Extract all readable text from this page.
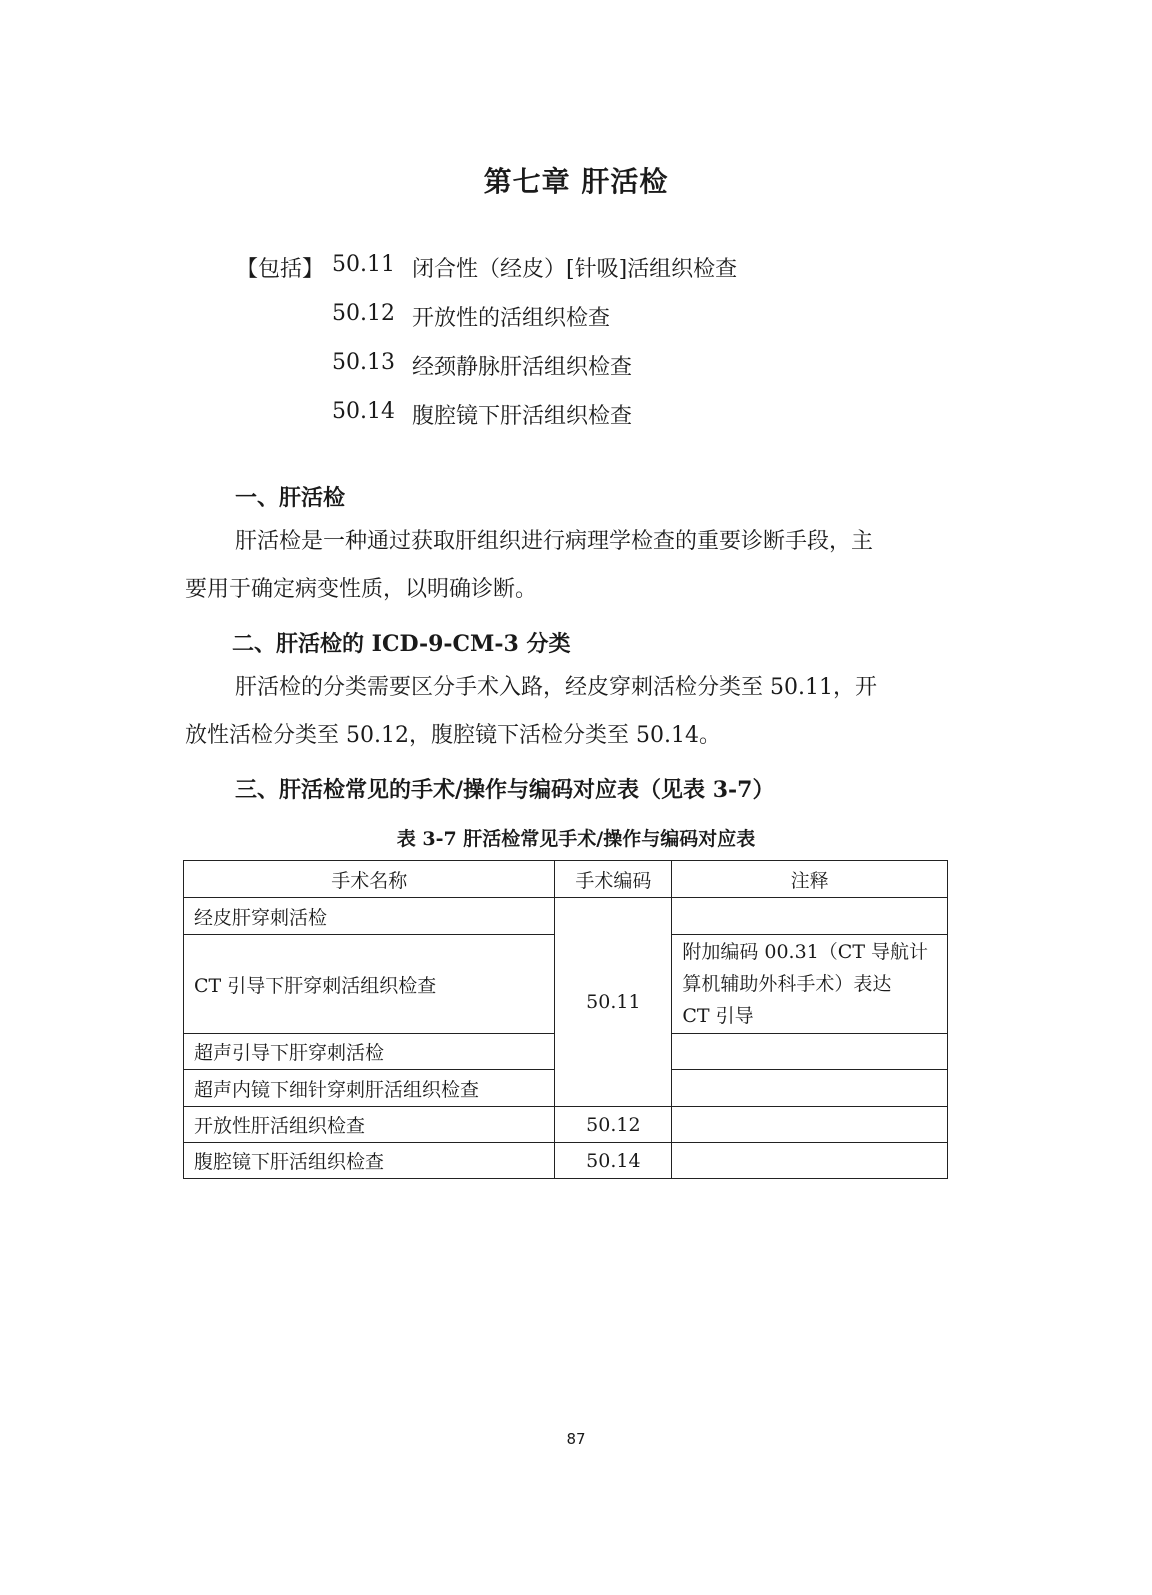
第七章 肝活检
【包括】 50.11 闭合性（经皮）[针吸]活组织检查
50.12 开放性的活组织检查
50.13 经颈静脉肝活组织检查
50.14 腹腔镜下肝活组织检查
一、肝活检
肝活检是一种通过获取肝组织进行病理学检查的重要诊断手段，主
要用于确定病变性质，以明确诊断。
二、肝活检的 ICD-9-CM-3 分类
肝活检的分类需要区分手术入路，经皮穿刺活检分类至 50.11，开
放性活检分类至 50.12，腹腔镜下活检分类至 50.14。
三、肝活检常见的手术/操作与编码对应表（见表 3-7）
表 3-7 肝活检常见手术/操作与编码对应表
手术名称	手术编码	注释
经皮肝穿刺活检	50.11	
CT 引导下肝穿刺活组织检查		附加编码 00.31（CT 导航计
算机辅助外科手术）表达
CT 引导

超声引导下肝穿刺活检		
超声内镜下细针穿刺肝活组织检查		
开放性肝活组织检查	50.12	
腹腔镜下肝活组织检查	50.14	
87
